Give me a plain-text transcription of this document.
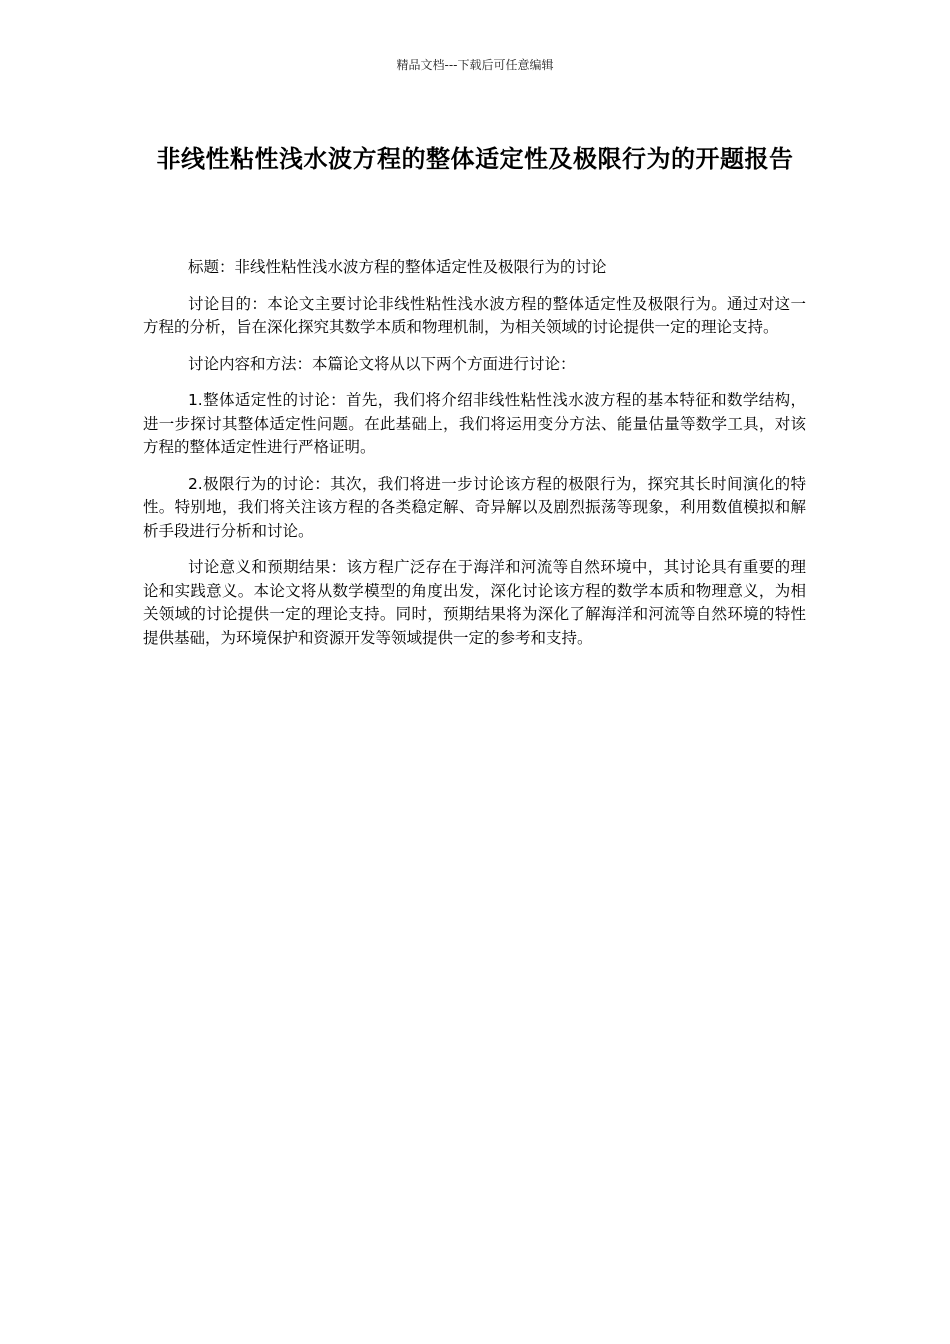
精品文档---下载后可任意编辑
非线性粘性浅水波方程的整体适定性及极限行为的开题报告

标题：非线性粘性浅水波方程的整体适定性及极限行为的讨论

讨论目的：本论文主要讨论非线性粘性浅水波方程的整体适定性及极限行为。通过对这一方程的分析，旨在深化探究其数学本质和物理机制，为相关领域的讨论提供一定的理论支持。

讨论内容和方法：本篇论文将从以下两个方面进行讨论：

1.整体适定性的讨论：首先，我们将介绍非线性粘性浅水波方程的基本特征和数学结构，进一步探讨其整体适定性问题。在此基础上，我们将运用变分方法、能量估量等数学工具，对该方程的整体适定性进行严格证明。

2.极限行为的讨论：其次，我们将进一步讨论该方程的极限行为，探究其长时间演化的特性。特别地，我们将关注该方程的各类稳定解、奇异解以及剧烈振荡等现象，利用数值模拟和解析手段进行分析和讨论。

讨论意义和预期结果：该方程广泛存在于海洋和河流等自然环境中，其讨论具有重要的理论和实践意义。本论文将从数学模型的角度出发，深化讨论该方程的数学本质和物理意义，为相关领域的讨论提供一定的理论支持。同时，预期结果将为深化了解海洋和河流等自然环境的特性提供基础，为环境保护和资源开发等领域提供一定的参考和支持。
